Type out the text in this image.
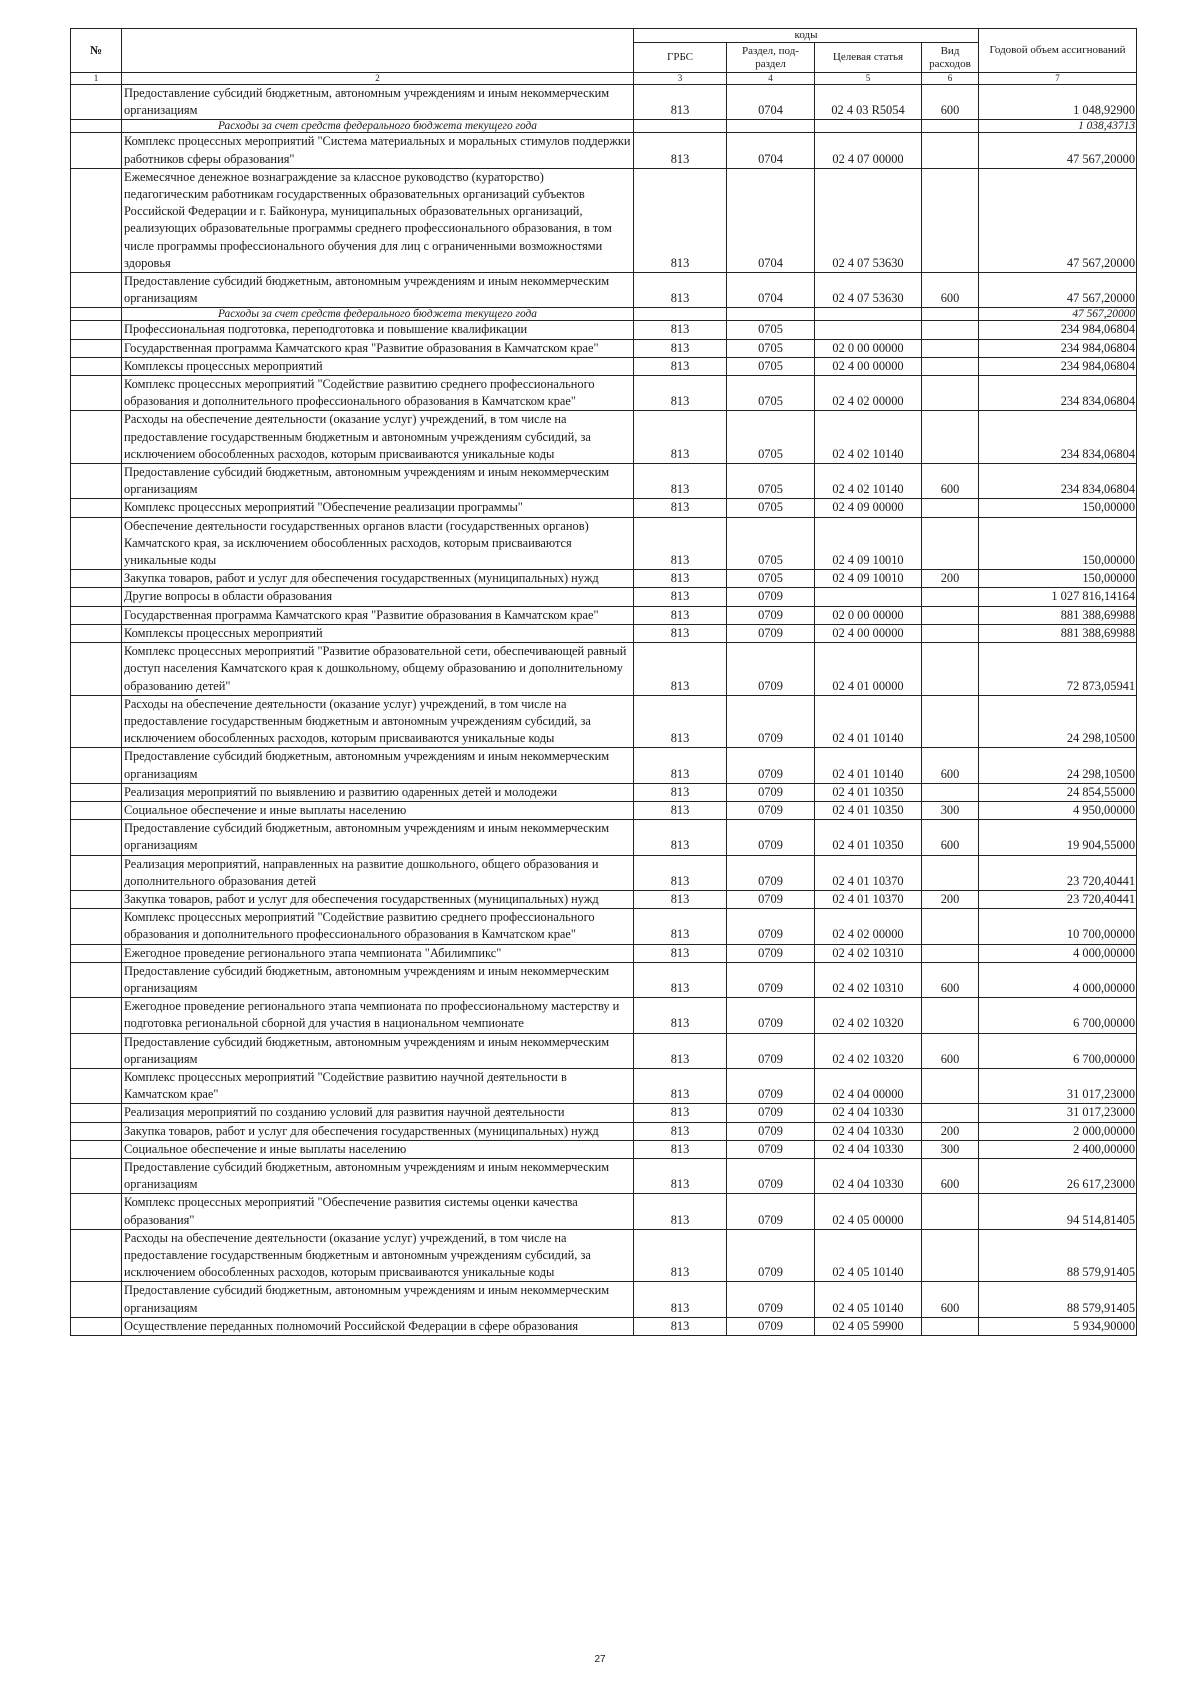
№		коды				Годовой объем ассигнований
		ГРБС	Раздел, под-раздел	Целевая статья	Вид расходов	
1	2	3	4	5	6	7
	Предоставление субсидий бюджетным, автономным учреждениям и иным некоммерческим организациям	813	0704	02 4 03 R5054	600	1 048,92900
	Расходы за счет средств федерального бюджета текущего года					1 038,43713
	Комплекс процессных мероприятий "Система материальных и моральных стимулов поддержки работников сферы образования"	813	0704	02 4 07 00000		47 567,20000
	Ежемесячное денежное вознаграждение за классное руководство (кураторство) педагогическим работникам государственных образовательных организаций субъектов Российской Федерации и г. Байконура, муниципальных образовательных организаций, реализующих образовательные программы среднего профессионального образования, в том числе программы профессионального обучения для лиц с ограниченными возможностями здоровья	813	0704	02 4 07 53630		47 567,20000
	Предоставление субсидий бюджетным, автономным учреждениям и иным некоммерческим организациям	813	0704	02 4 07 53630	600	47 567,20000
	Расходы за счет средств федерального бюджета текущего года					47 567,20000
	Профессиональная подготовка, переподготовка и повышение квалификации	813	0705			234 984,06804
	Государственная программа Камчатского края "Развитие образования в Камчатском крае"	813	0705	02 0 00 00000		234 984,06804
	Комплексы процессных мероприятий	813	0705	02 4 00 00000		234 984,06804
	Комплекс процессных мероприятий "Содействие развитию среднего профессионального образования и дополнительного профессионального образования в Камчатском крае"	813	0705	02 4 02 00000		234 834,06804
	Расходы на обеспечение деятельности (оказание услуг) учреждений, в том числе на предоставление государственным бюджетным и автономным учреждениям субсидий, за исключением обособленных расходов, которым присваиваются уникальные коды	813	0705	02 4 02 10140		234 834,06804
	Предоставление субсидий бюджетным, автономным учреждениям и иным некоммерческим организациям	813	0705	02 4 02 10140	600	234 834,06804
	Комплекс процессных мероприятий "Обеспечение реализации программы"	813	0705	02 4 09 00000		150,00000
	Обеспечение деятельности государственных органов власти (государственных органов) Камчатского края, за исключением обособленных расходов, которым присваиваются уникальные коды	813	0705	02 4 09 10010		150,00000
	Закупка товаров, работ и услуг для обеспечения государственных (муниципальных) нужд	813	0705	02 4 09 10010	200	150,00000
	Другие вопросы в области образования	813	0709			1 027 816,14164
	Государственная программа Камчатского края "Развитие образования в Камчатском крае"	813	0709	02 0 00 00000		881 388,69988
	Комплексы процессных мероприятий	813	0709	02 4 00 00000		881 388,69988
	Комплекс процессных мероприятий "Развитие образовательной сети, обеспечивающей равный доступ населения Камчатского края к дошкольному, общему образованию и дополнительному образованию детей"	813	0709	02 4 01 00000		72 873,05941
	Расходы на обеспечение деятельности (оказание услуг) учреждений, в том числе на предоставление государственным бюджетным и автономным учреждениям субсидий, за исключением обособленных расходов, которым присваиваются уникальные коды	813	0709	02 4 01 10140		24 298,10500
	Предоставление субсидий бюджетным, автономным учреждениям и иным некоммерческим организациям	813	0709	02 4 01 10140	600	24 298,10500
	Реализация мероприятий по выявлению и развитию одаренных детей и молодежи	813	0709	02 4 01 10350		24 854,55000
	Социальное обеспечение и иные выплаты населению	813	0709	02 4 01 10350	300	4 950,00000
	Предоставление субсидий бюджетным, автономным учреждениям и иным некоммерческим организациям	813	0709	02 4 01 10350	600	19 904,55000
	Реализация мероприятий, направленных на развитие дошкольного, общего образования и дополнительного образования детей	813	0709	02 4 01 10370		23 720,40441
	Закупка товаров, работ и услуг для обеспечения государственных (муниципальных) нужд	813	0709	02 4 01 10370	200	23 720,40441
	Комплекс процессных мероприятий "Содействие развитию среднего профессионального образования и дополнительного профессионального образования в Камчатском крае"	813	0709	02 4 02 00000		10 700,00000
	Ежегодное проведение регионального этапа чемпионата "Абилимпикс"	813	0709	02 4 02 10310		4 000,00000
	Предоставление субсидий бюджетным, автономным учреждениям и иным некоммерческим организациям	813	0709	02 4 02 10310	600	4 000,00000
	Ежегодное проведение регионального этапа чемпионата по профессиональному мастерству и подготовка региональной сборной для участия в национальном чемпионате	813	0709	02 4 02 10320		6 700,00000
	Предоставление субсидий бюджетным, автономным учреждениям и иным некоммерческим организациям	813	0709	02 4 02 10320	600	6 700,00000
	Комплекс процессных мероприятий "Содействие развитию научной деятельности в Камчатском крае"	813	0709	02 4 04 00000		31 017,23000
	Реализация мероприятий по созданию условий для развития научной деятельности	813	0709	02 4 04 10330		31 017,23000
	Закупка товаров, работ и услуг для обеспечения государственных (муниципальных) нужд	813	0709	02 4 04 10330	200	2 000,00000
	Социальное обеспечение и иные выплаты населению	813	0709	02 4 04 10330	300	2 400,00000
	Предоставление субсидий бюджетным, автономным учреждениям и иным некоммерческим организациям	813	0709	02 4 04 10330	600	26 617,23000
	Комплекс процессных мероприятий "Обеспечение развития системы оценки качества образования"	813	0709	02 4 05 00000		94 514,81405
	Расходы на обеспечение деятельности (оказание услуг) учреждений, в том числе на предоставление государственным бюджетным и автономным учреждениям субсидий, за исключением обособленных расходов, которым присваиваются уникальные коды	813	0709	02 4 05 10140		88 579,91405
	Предоставление субсидий бюджетным, автономным учреждениям и иным некоммерческим организациям	813	0709	02 4 05 10140	600	88 579,91405
	Осуществление переданных полномочий Российской Федерации в сфере образования	813	0709	02 4 05 59900		5 934,90000
27
